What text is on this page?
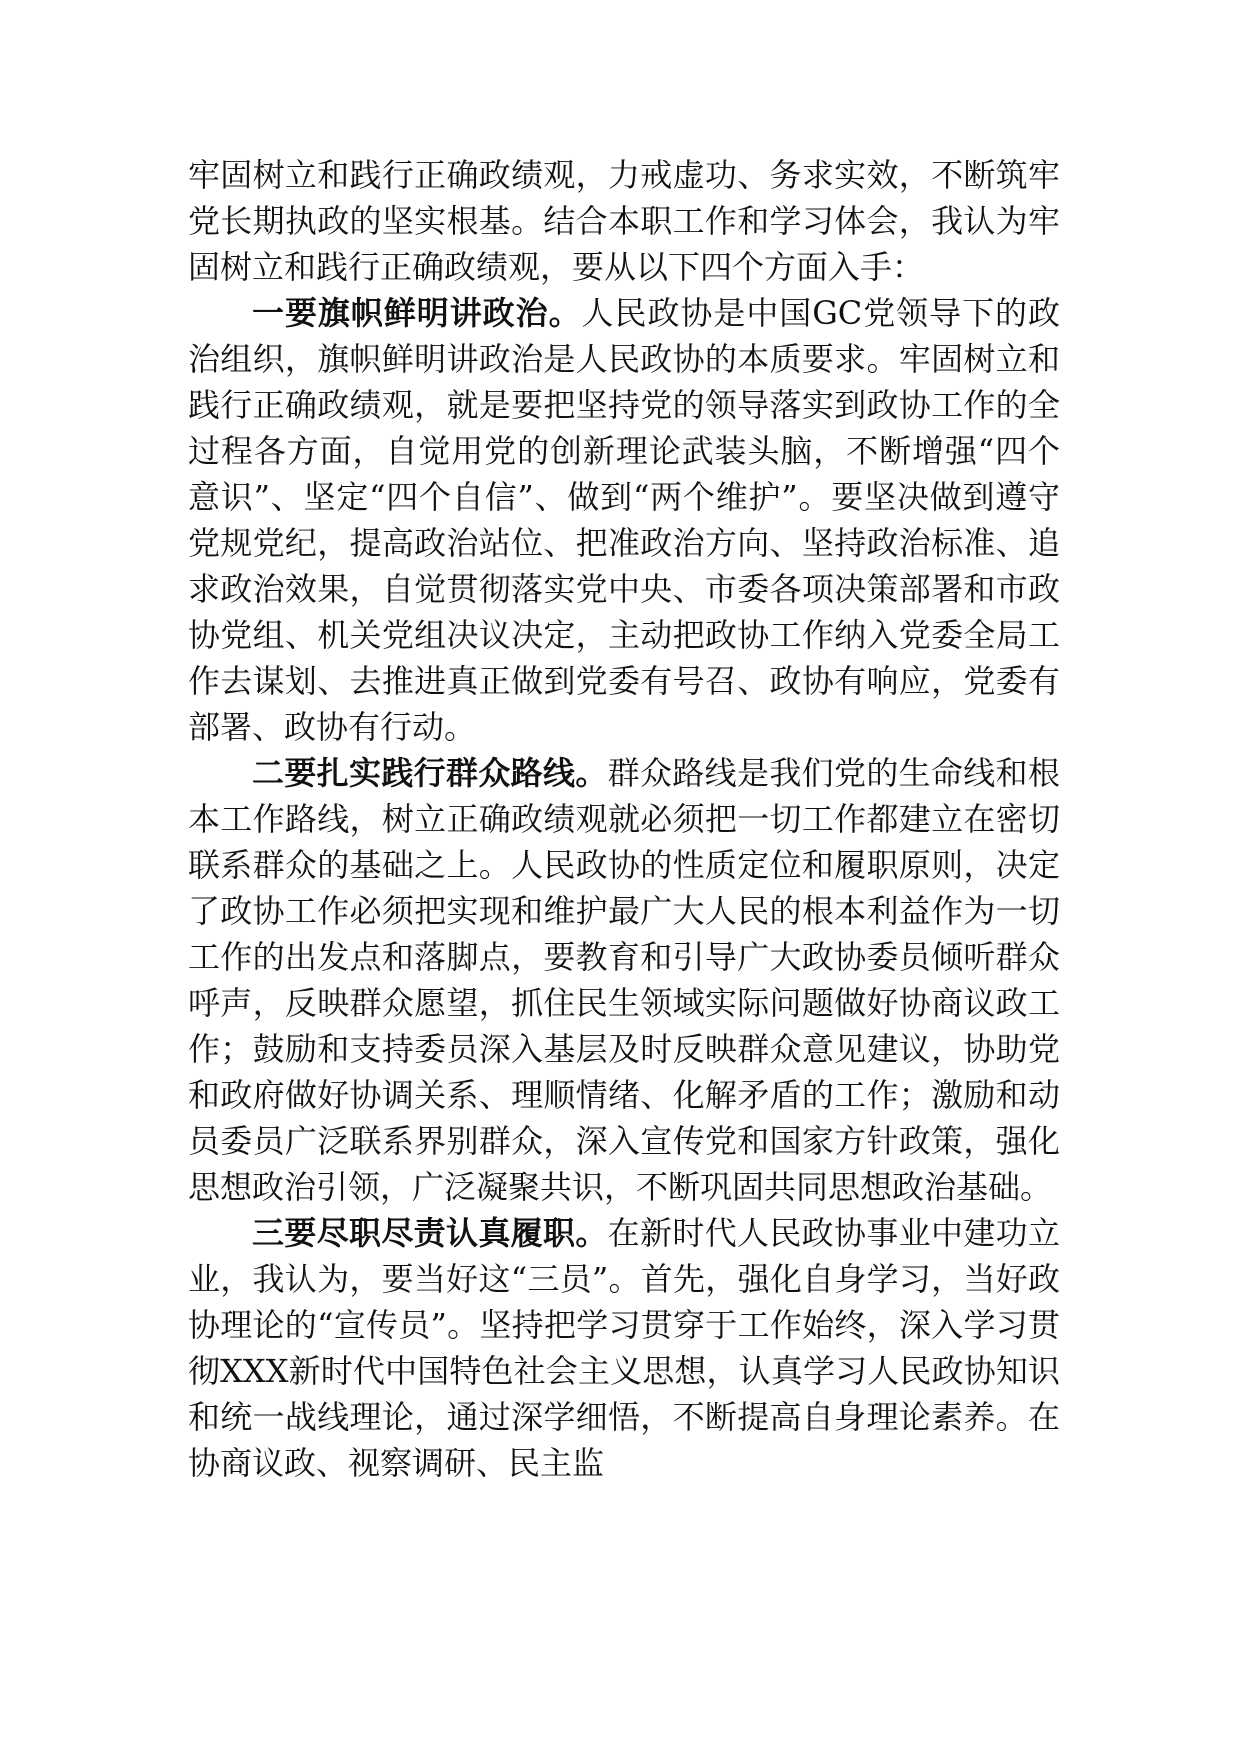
牢固树立和践行正确政绩观，力戒虚功、务求实效，不断筑牢党长期执政的坚实根基。结合本职工作和学习体会，我认为牢固树立和践行正确政绩观，要从以下四个方面入手：

一要旗帜鲜明讲政治。人民政协是中国GC党领导下的政治组织，旗帜鲜明讲政治是人民政协的本质要求。牢固树立和践行正确政绩观，就是要把坚持党的领导落实到政协工作的全过程各方面，自觉用党的创新理论武装头脑，不断增强“四个意识”、坚定“四个自信”、做到“两个维护”。要坚决做到遵守党规党纪，提高政治站位、把准政治方向、坚持政治标准、追求政治效果，自觉贯彻落实党中央、市委各项决策部署和市政协党组、机关党组决议决定，主动把政协工作纳入党委全局工作去谋划、去推进真正做到党委有号召、政协有响应，党委有部署、政协有行动。

二要扎实践行群众路线。群众路线是我们党的生命线和根本工作路线，树立正确政绩观就必须把一切工作都建立在密切联系群众的基础之上。人民政协的性质定位和履职原则，决定了政协工作必须把实现和维护最广大人民的根本利益作为一切工作的出发点和落脚点，要教育和引导广大政协委员倾听群众呼声，反映群众愿望，抓住民生领域实际问题做好协商议政工作；鼓励和支持委员深入基层及时反映群众意见建议，协助党和政府做好协调关系、理顺情绪、化解矛盾的工作；激励和动员委员广泛联系界别群众，深入宣传党和国家方针政策，强化思想政治引领，广泛凝聚共识，不断巩固共同思想政治基础。

三要尽职尽责认真履职。在新时代人民政协事业中建功立业，我认为，要当好这“三员”。首先，强化自身学习，当好政协理论的“宣传员”。坚持把学习贯穿于工作始终，深入学习贯彻XXX新时代中国特色社会主义思想，认真学习人民政协知识和统一战线理论，通过深学细悟，不断提高自身理论素养。在协商议政、视察调研、民主监
